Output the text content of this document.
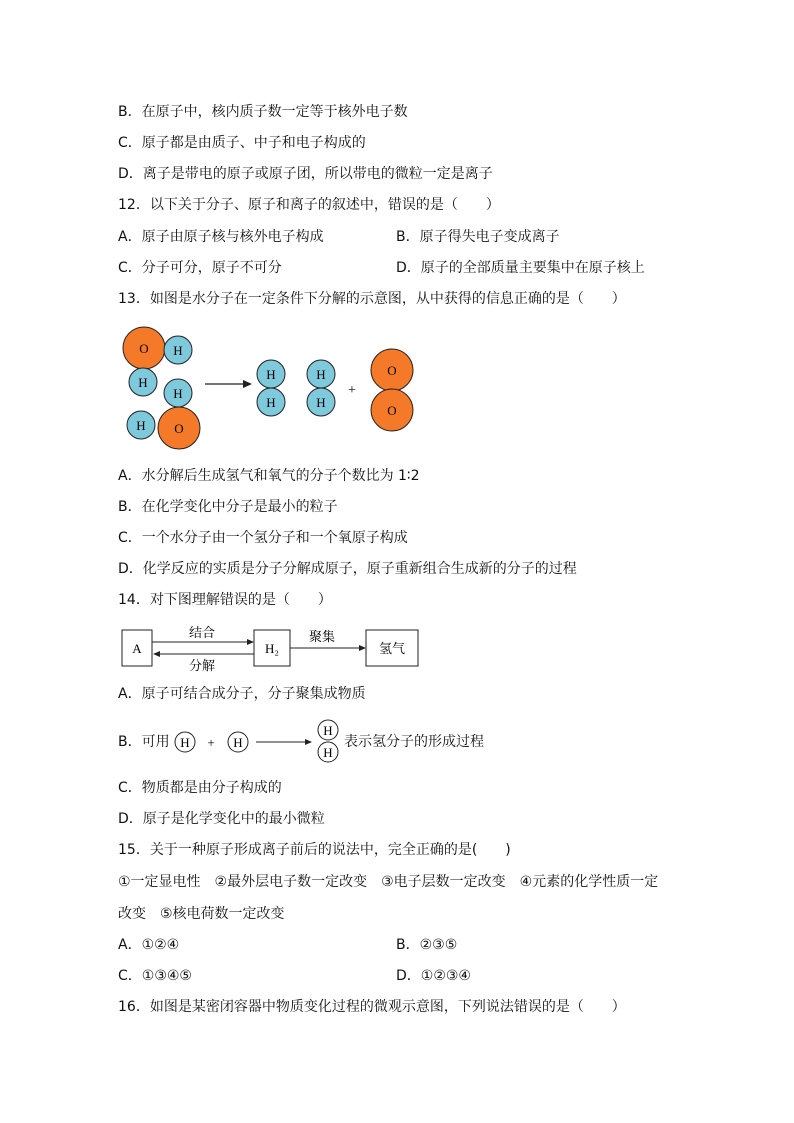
B．在原子中，核内质子数一定等于核外电子数
C．原子都是由质子、中子和电子构成的
D．离子是带电的原子或原子团，所以带电的微粒一定是离子
12．以下关于分子、原子和离子的叙述中，错误的是（　　）
A．原子由原子核与核外电子构成	B．原子得失电子变成离子
C．分子可分，原子不可分	D．原子的全部质量主要集中在原子核上
13．如图是水分子在一定条件下分解的示意图，从中获得的信息正确的是（　　）
O H
H
H
H O
H
H
H
H
+
O
O
A．水分解后生成氢气和氧气的分子个数比为 1∶2
B．在化学变化中分子是最小的粒子
C．一个水分子由一个氢分子和一个氧原子构成
D．化学反应的实质是分子分解成原子，原子重新组合生成新的分子的过程
14．对下图理解错误的是（　　）
A
结合
分解
H₂
聚集
氢气
A．原子可结合成分子，分子聚集成物质
B．可用 H + H
H
H
表示氢分子的形成过程
C．物质都是由分子构成的
D．原子是化学变化中的最小微粒
15．关于一种原子形成离子前后的说法中，完全正确的是(　　)
①一定显电性　②最外层电子数一定改变　③电子层数一定改变　④元素的化学性质一定
改变　⑤核电荷数一定改变
A．①②④	B．②③⑤
C．①③④⑤	D．①②③④
16．如图是某密闭容器中物质变化过程的微观示意图，下列说法错误的是（　　）
